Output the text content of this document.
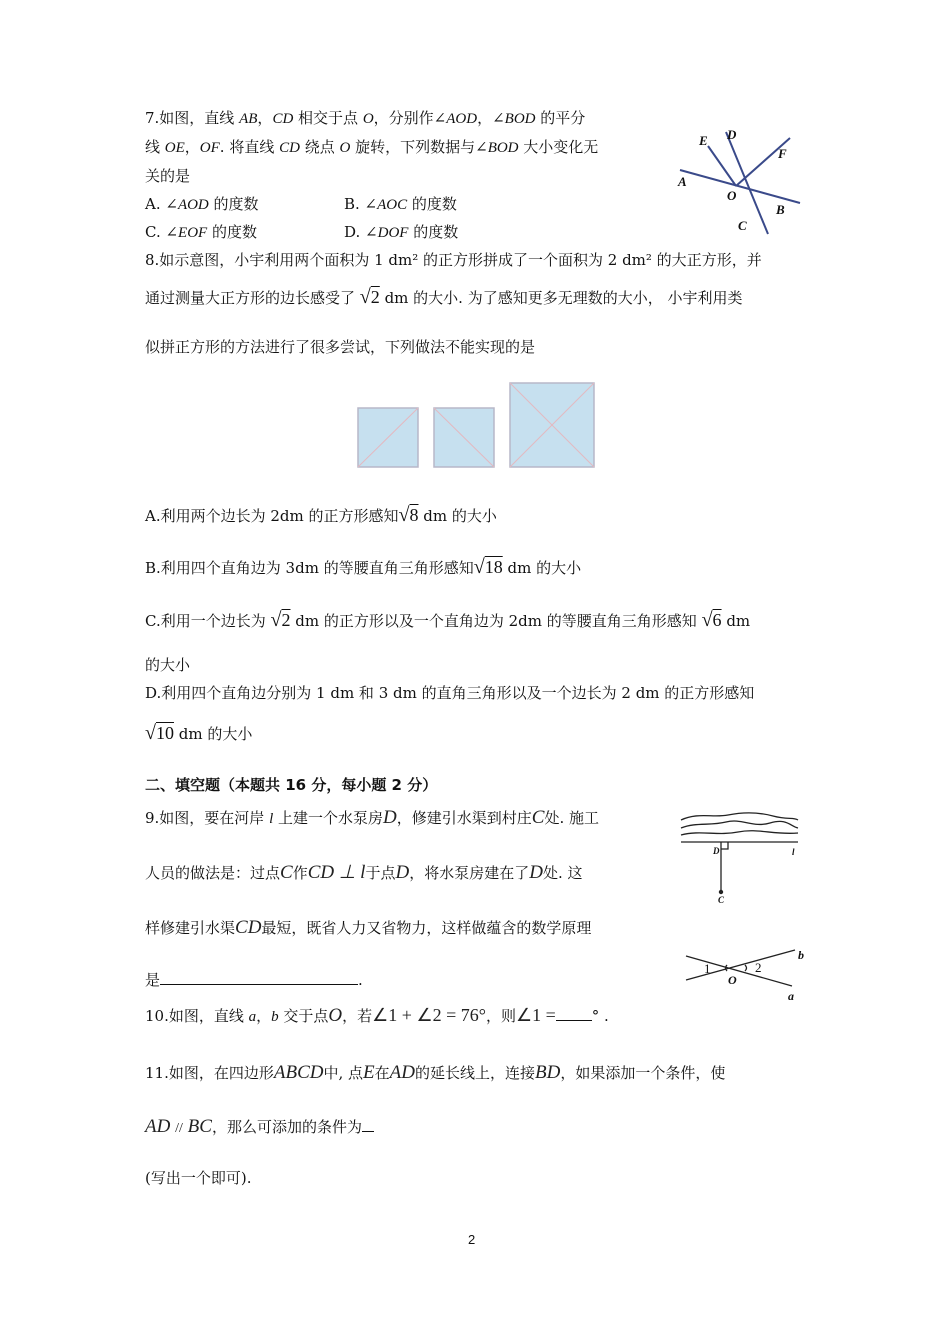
7.如图，直线 AB，CD 相交于点 O，分别作∠AOD，∠BOD 的平分
线 OE，OF. 将直线 CD 绕点 O 旋转，下列数据与∠BOD 大小变化无
关的是
A. ∠AOD 的度数	B. ∠AOC 的度数
C. ∠EOF 的度数	D. ∠DOF 的度数
E D
F
A
O
B
C
8.如示意图，小宇利用两个面积为 1 dm² 的正方形拼成了一个面积为 2 dm² 的大正方形，并
通过测量大正方形的边长感受了 √2 dm 的大小. 为了感知更多无理数的大小， 小宇利用类
似拼正方形的方法进行了很多尝试，下列做法不能实现的是
A.利用两个边长为 2dm 的正方形感知√8 dm 的大小
B.利用四个直角边为 3dm 的等腰直角三角形感知√18 dm 的大小
C.利用一个边长为 √2 dm 的正方形以及一个直角边为 2dm 的等腰直角三角形感知 √6 dm
的大小
D.利用四个直角边分别为 1 dm 和 3 dm 的直角三角形以及一个边长为 2 dm 的正方形感知
√10 dm 的大小
二、填空题（本题共 16 分，每小题 2 分）
9.如图，要在河岸 l 上建一个水泵房D，修建引水渠到村庄C处. 施工
人员的做法是：过点C作CD ⊥ l于点D，将水泵房建在了D处. 这
样修建引水渠CD最短，既省人力又省物力，这样做蕴含的数学原理
是	.
D
C
l
1	2
O
b
a
10.如图，直线 a，b 交于点O，若∠1 + ∠2 = 76°，则∠1 = ° .
11.如图，在四边形ABCD中, 点E在AD的延长线上，连接BD，如果添加一个条件，使
AD // BC，那么可添加的条件为
(写出一个即可).
2
